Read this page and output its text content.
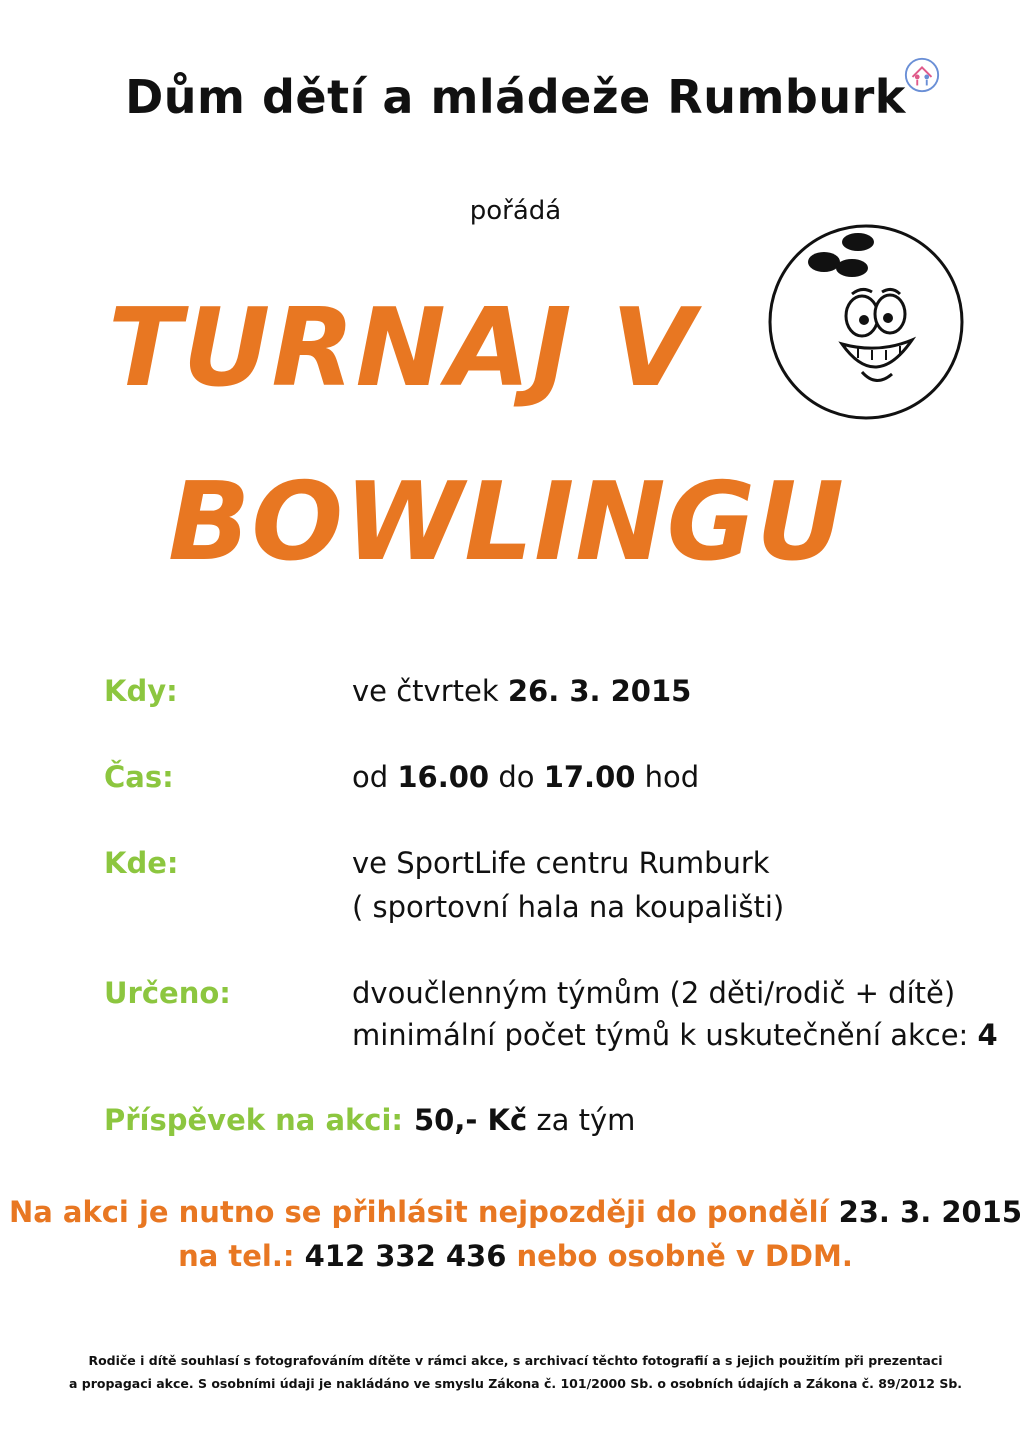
Dům dětí a mládeže Rumburk
pořádá
TURNAJ V
BOWLINGU
Kdy:	ve čtvrtek 26. 3. 2015
Čas:	od 16.00 do 17.00 hod
Kde:	ve SportLife centru Rumburk
( sportovní hala na koupališti)
Určeno:	dvoučlenným týmům (2 děti/rodič + dítě)
minimální počet týmů k uskutečnění akce: 4
Příspěvek na akci: 50,- Kč za tým
Na akci je nutno se přihlásit nejpozději do pondělí 23. 3. 2015
na tel.: 412 332 436 nebo osobně v DDM.
Rodiče i dítě souhlasí s fotografováním dítěte v rámci akce, s archivací těchto fotografií a s jejich použitím při prezentaci
a propagaci akce. S osobními údaji je nakládáno ve smyslu Zákona č. 101/2000 Sb. o osobních údajích a Zákona č. 89/2012 Sb.
